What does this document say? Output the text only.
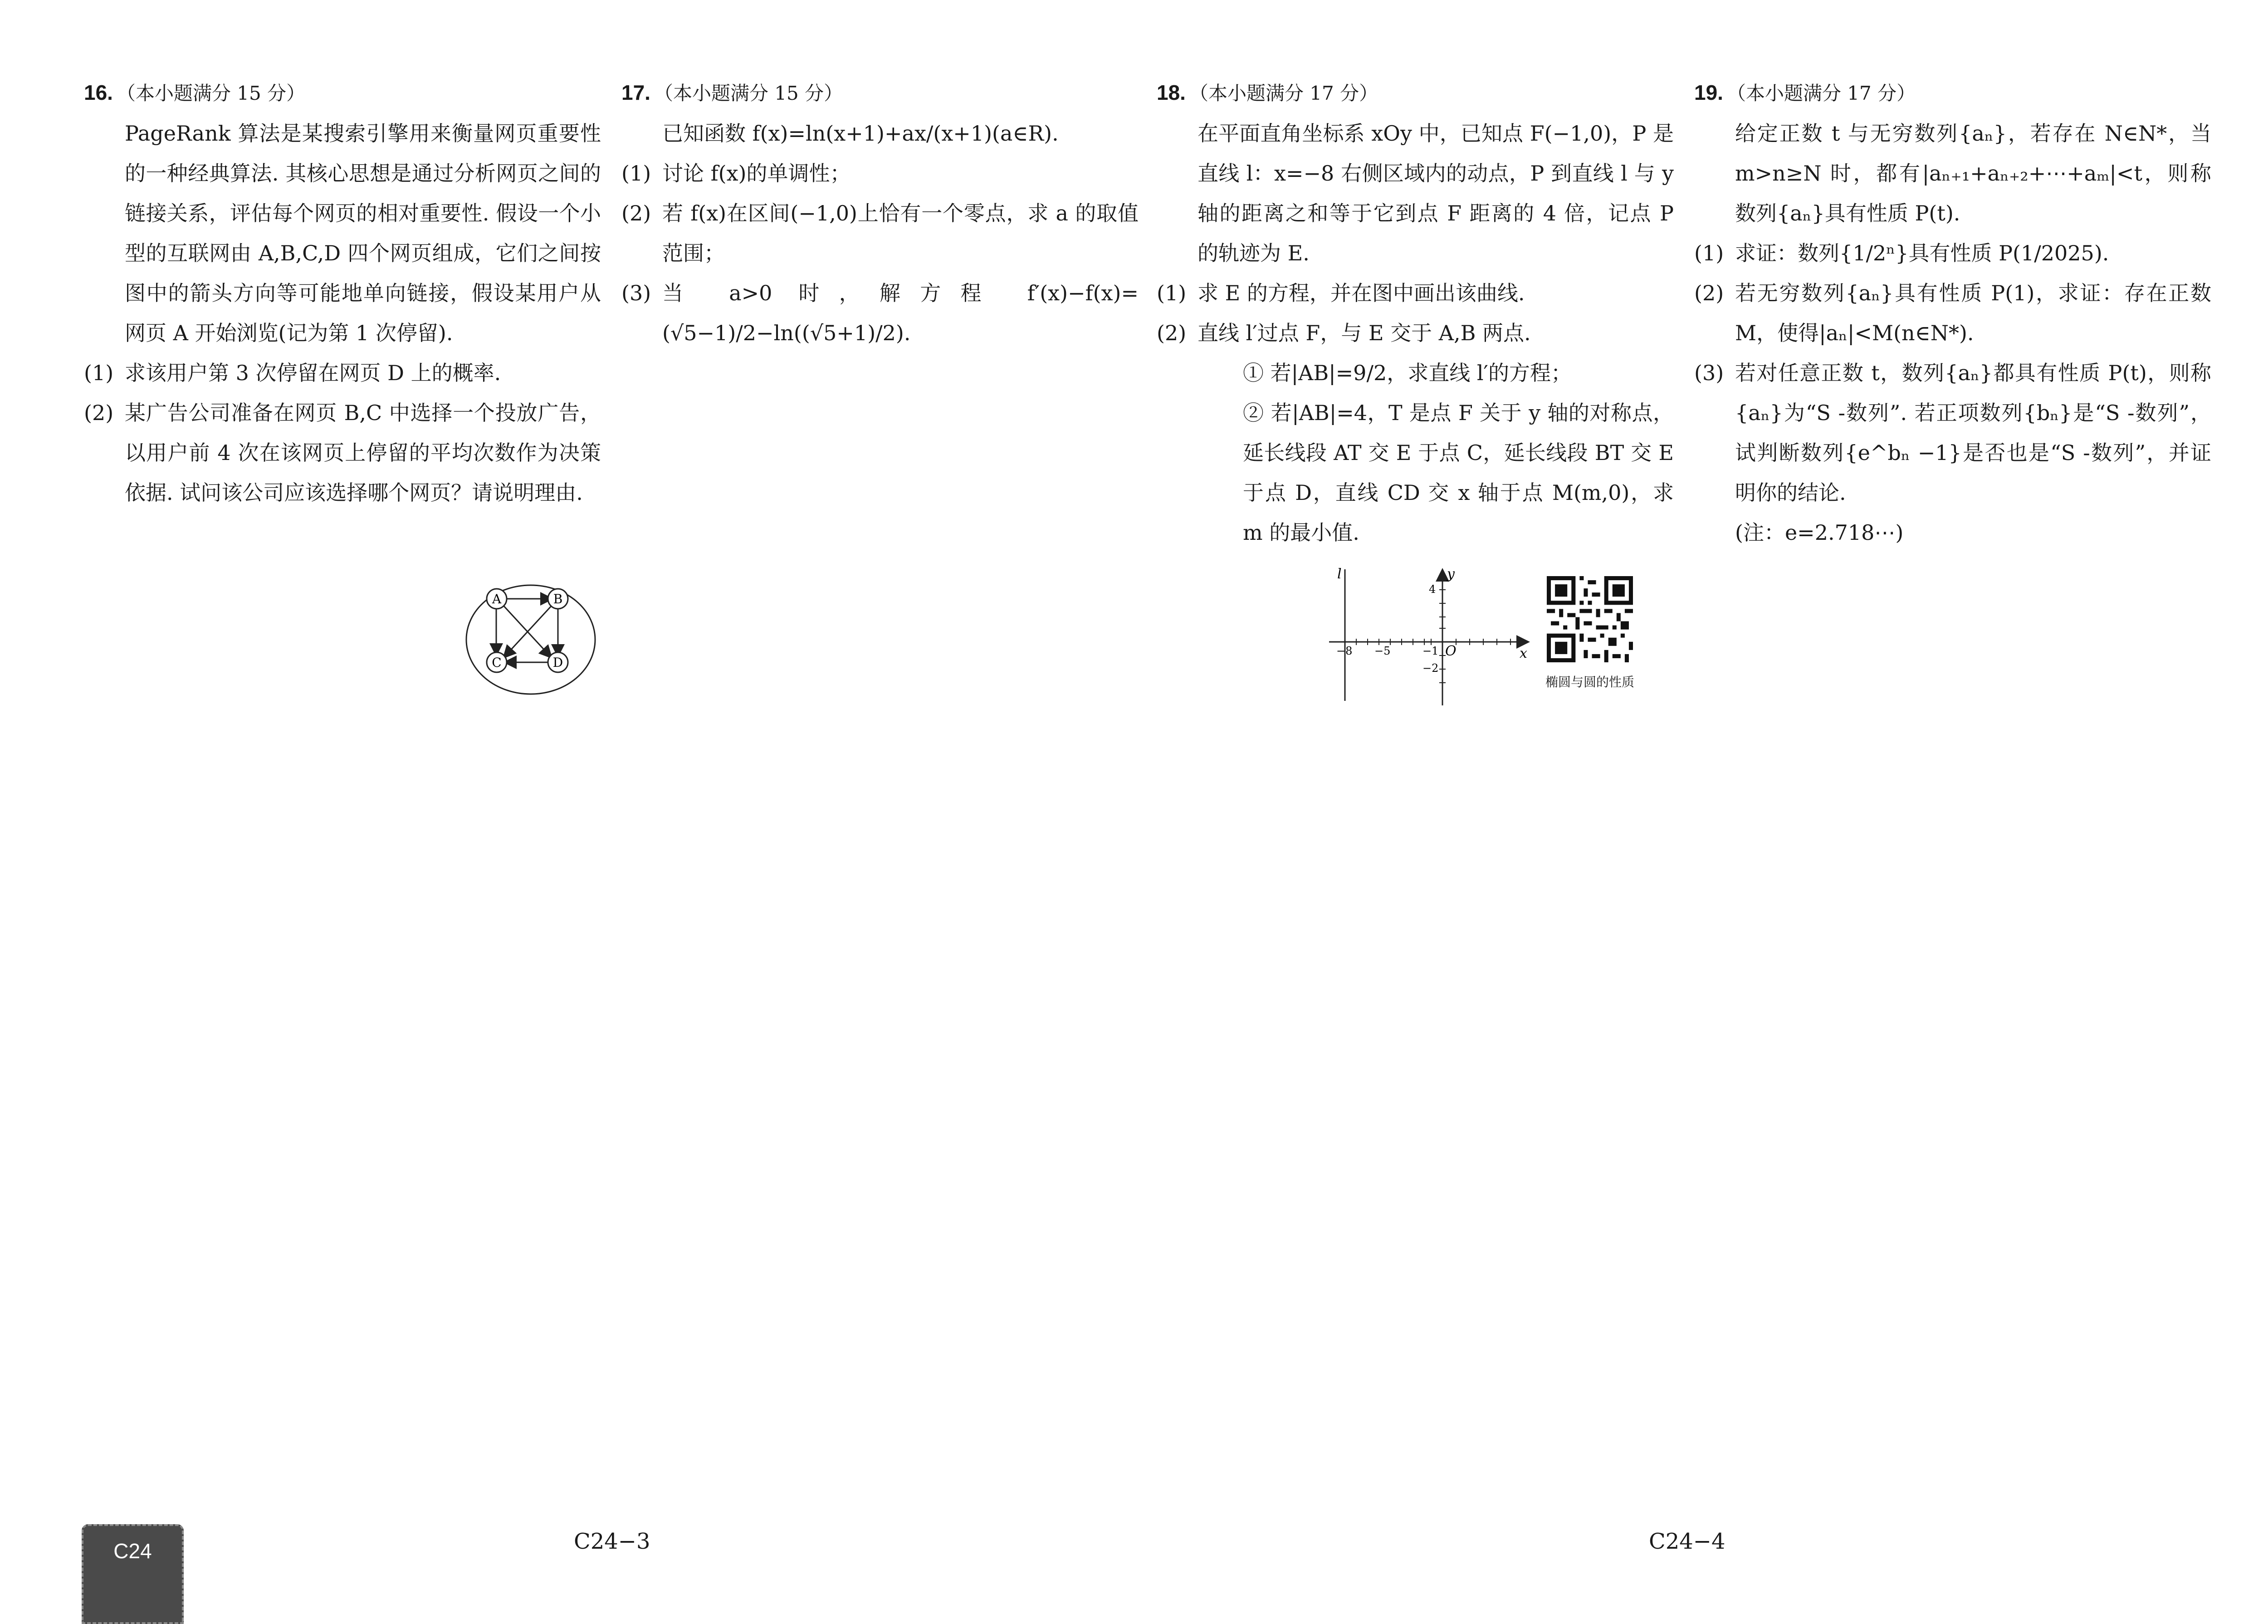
16. （本小题满分 15 分）

PageRank 算法是某搜索引擎用来衡量网页重要性的一种经典算法. 其核心思想是通过分析网页之间的链接关系，评估每个网页的相对重要性. 假设一个小型的互联网由 A,B,C,D 四个网页组成，它们之间按图中的箭头方向等可能地单向链接，假设某用户从网页 A 开始浏览(记为第 1 次停留).

(1) 求该用户第 3 次停留在网页 D 上的概率.
(2) 某广告公司准备在网页 B,C 中选择一个投放广告，以用户前 4 次在该网页上停留的平均次数作为决策依据. 试问该公司应该选择哪个网页？请说明理由.
A	B
C	D
17. （本小题满分 15 分）

已知函数 f(x)=ln(x+1)+ax/(x+1)(a∈R).

(1) 讨论 f(x)的单调性；
(2) 若 f(x)在区间(−1,0)上恰有一个零点，求 a 的取值范围；
(3) 当 a>0 时，解方程 f′(x)−f(x)=(√5−1)/2−ln((√5+1)/2).
18. （本小题满分 17 分）

在平面直角坐标系 xOy 中，已知点 F(−1,0)，P 是直线 l：x=−8 右侧区域内的动点，P 到直线 l 与 y 轴的距离之和等于它到点 F 距离的 4 倍，记点 P 的轨迹为 E.

(1) 求 E 的方程，并在图中画出该曲线.
(2) 直线 l′过点 F，与 E 交于 A,B 两点.

① 若|AB|=9/2，求直线 l′的方程；

② 若|AB|=4，T 是点 F 关于 y 轴的对称点，延长线段 AT 交 E 于点 C，延长线段 BT 交 E 于点 D，直线 CD 交 x 轴于点 M(m,0)，求 m 的最小值.

l	y
x
O
−8 −5	−1
4
−2
椭圆与圆的性质
19. （本小题满分 17 分）

给定正数 t 与无穷数列{aₙ}，若存在 N∈N*，当 m>n≥N 时，都有|aₙ₊₁+aₙ₊₂+⋯+aₘ|<t，则称数列{aₙ}具有性质 P(t).

(1) 求证：数列{1/2ⁿ}具有性质 P(1/2025).
(2) 若无穷数列{aₙ}具有性质 P(1)，求证：存在正数 M，使得|aₙ|<M(n∈N*).
(3) 若对任意正数 t，数列{aₙ}都具有性质 P(t)，则称{aₙ}为“S -数列”. 若正项数列{bₙ}是“S -数列”，试判断数列{e^bₙ −1}是否也是“S -数列”，并证明你的结论.

(注：e=2.718⋯)

C24	C24−3	C24−4
